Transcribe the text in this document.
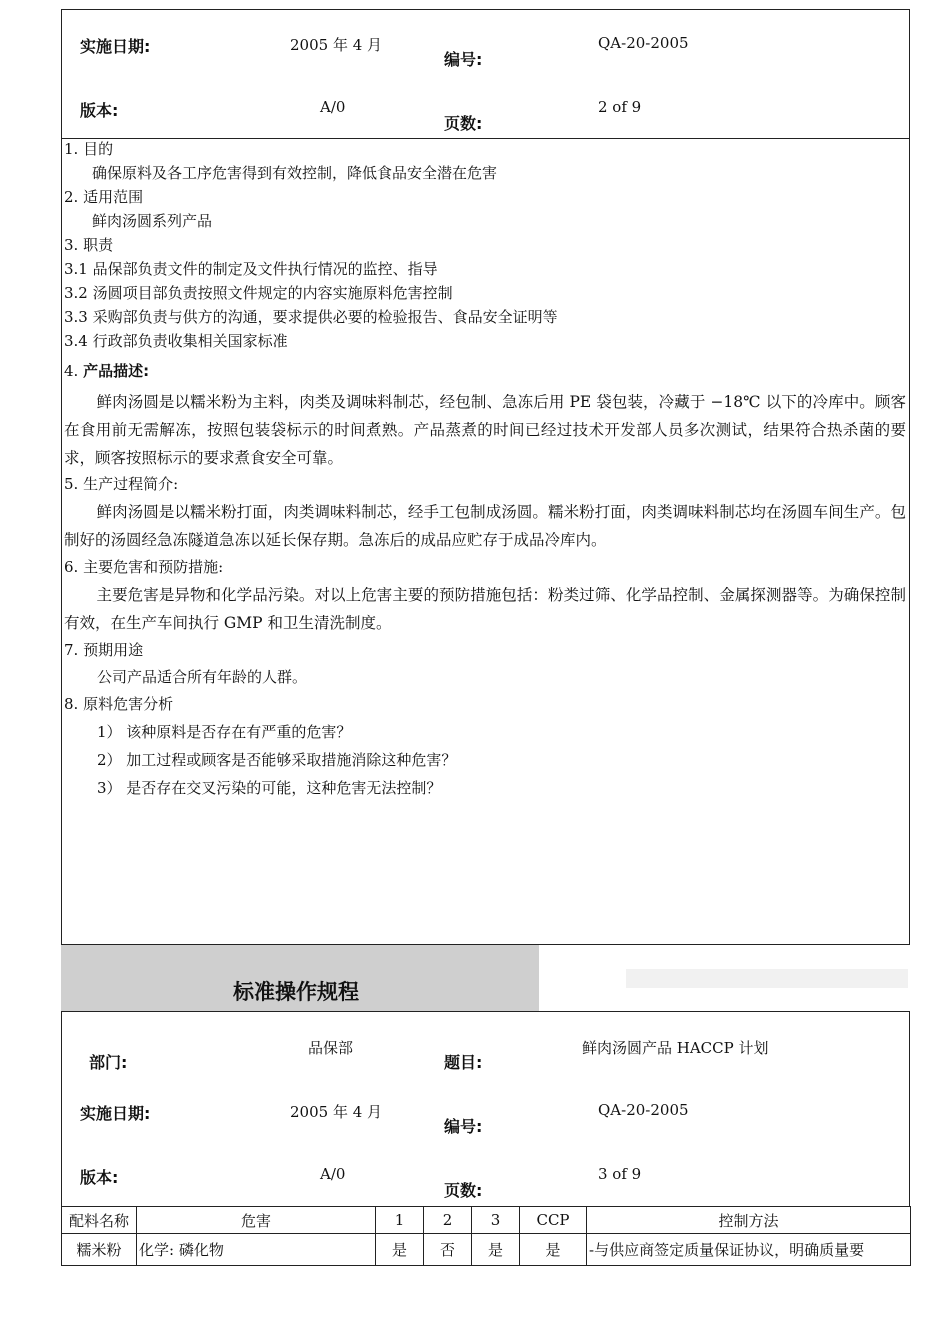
实施日期:	2005 年 4 月
编号:
QA-20-2005
版本:	A/0
页数:
2 of 9
1. 目的
确保原料及各工序危害得到有效控制，降低食品安全潜在危害
2. 适用范围
鲜肉汤圆系列产品
3. 职责
3.1 品保部负责文件的制定及文件执行情况的监控、指导
3.2 汤圆项目部负责按照文件规定的内容实施原料危害控制
3.3 采购部负责与供方的沟通，要求提供必要的检验报告、食品安全证明等
3.4 行政部负责收集相关国家标准
4. 产品描述:
鲜肉汤圆是以糯米粉为主料，肉类及调味料制芯，经包制、急冻后用 PE 袋包装，冷藏于 −18℃ 以下的冷库中。顾客在食用前无需解冻，按照包装袋标示的时间煮熟。产品蒸煮的时间已经过技术开发部人员多次测试，结果符合热杀菌的要求，顾客按照标示的要求煮食安全可靠。
5. 生产过程简介:
鲜肉汤圆是以糯米粉打面，肉类调味料制芯，经手工包制成汤圆。糯米粉打面，肉类调味料制芯均在汤圆车间生产。包制好的汤圆经急冻隧道急冻以延长保存期。急冻后的成品应贮存于成品冷库内。
6. 主要危害和预防措施:
主要危害是异物和化学品污染。对以上危害主要的预防措施包括：粉类过筛、化学品控制、金属探测器等。为确保控制有效，在生产车间执行 GMP 和卫生清洗制度。
7. 预期用途
公司产品适合所有年龄的人群。
8. 原料危害分析
1） 该种原料是否存在有严重的危害？
2） 加工过程或顾客是否能够采取措施消除这种危害？
3） 是否存在交叉污染的可能，这种危害无法控制？
标准操作规程
部门:
品保部
题目:
鲜肉汤圆产品 HACCP 计划
实施日期:	2005 年 4 月
编号:
QA-20-2005
版本:	A/0
页数:
3 of 9
配料名称	危害	1	2	3	CCP	控制方法
糯米粉	化学: 磷化物	是	否	是	是	-与供应商签定质量保证协议，明确质量要
